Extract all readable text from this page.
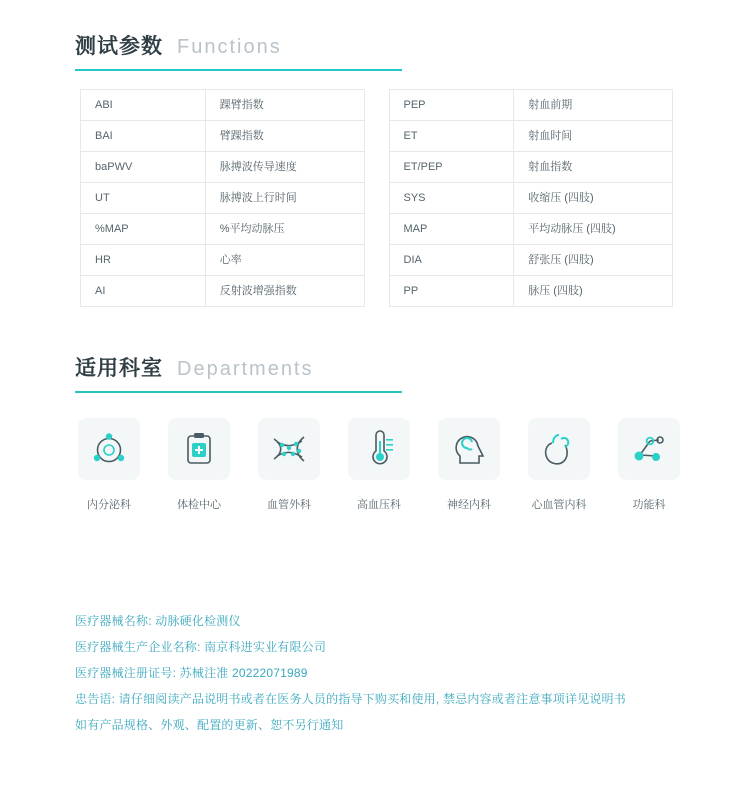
测试参数 Functions
ABI	踝臂指数
BAI	臂踝指数
baPWV	脉搏波传导速度
UT	脉搏波上行时间
%MAP	%平均动脉压
HR	心率
AI	反射波增强指数
PEP	射血前期
ET	射血时间
ET/PEP	射血指数
SYS	收缩压 (四肢)
MAP	平均动脉压 (四肢)
DIA	舒张压 (四肢)
PP	脉压 (四肢)
适用科室 Departments
内分泌科	体检中心	血管外科	高血压科	神经内科	心血管内科	功能科
医疗器械名称: 动脉硬化检测仪
医疗器械生产企业名称: 南京科进实业有限公司
医疗器械注册证号: 苏械注准 20222071989
忠告语: 请仔细阅读产品说明书或者在医务人员的指导下购买和使用, 禁忌内容或者注意事项详见说明书
如有产品规格、外观、配置的更新、恕不另行通知
